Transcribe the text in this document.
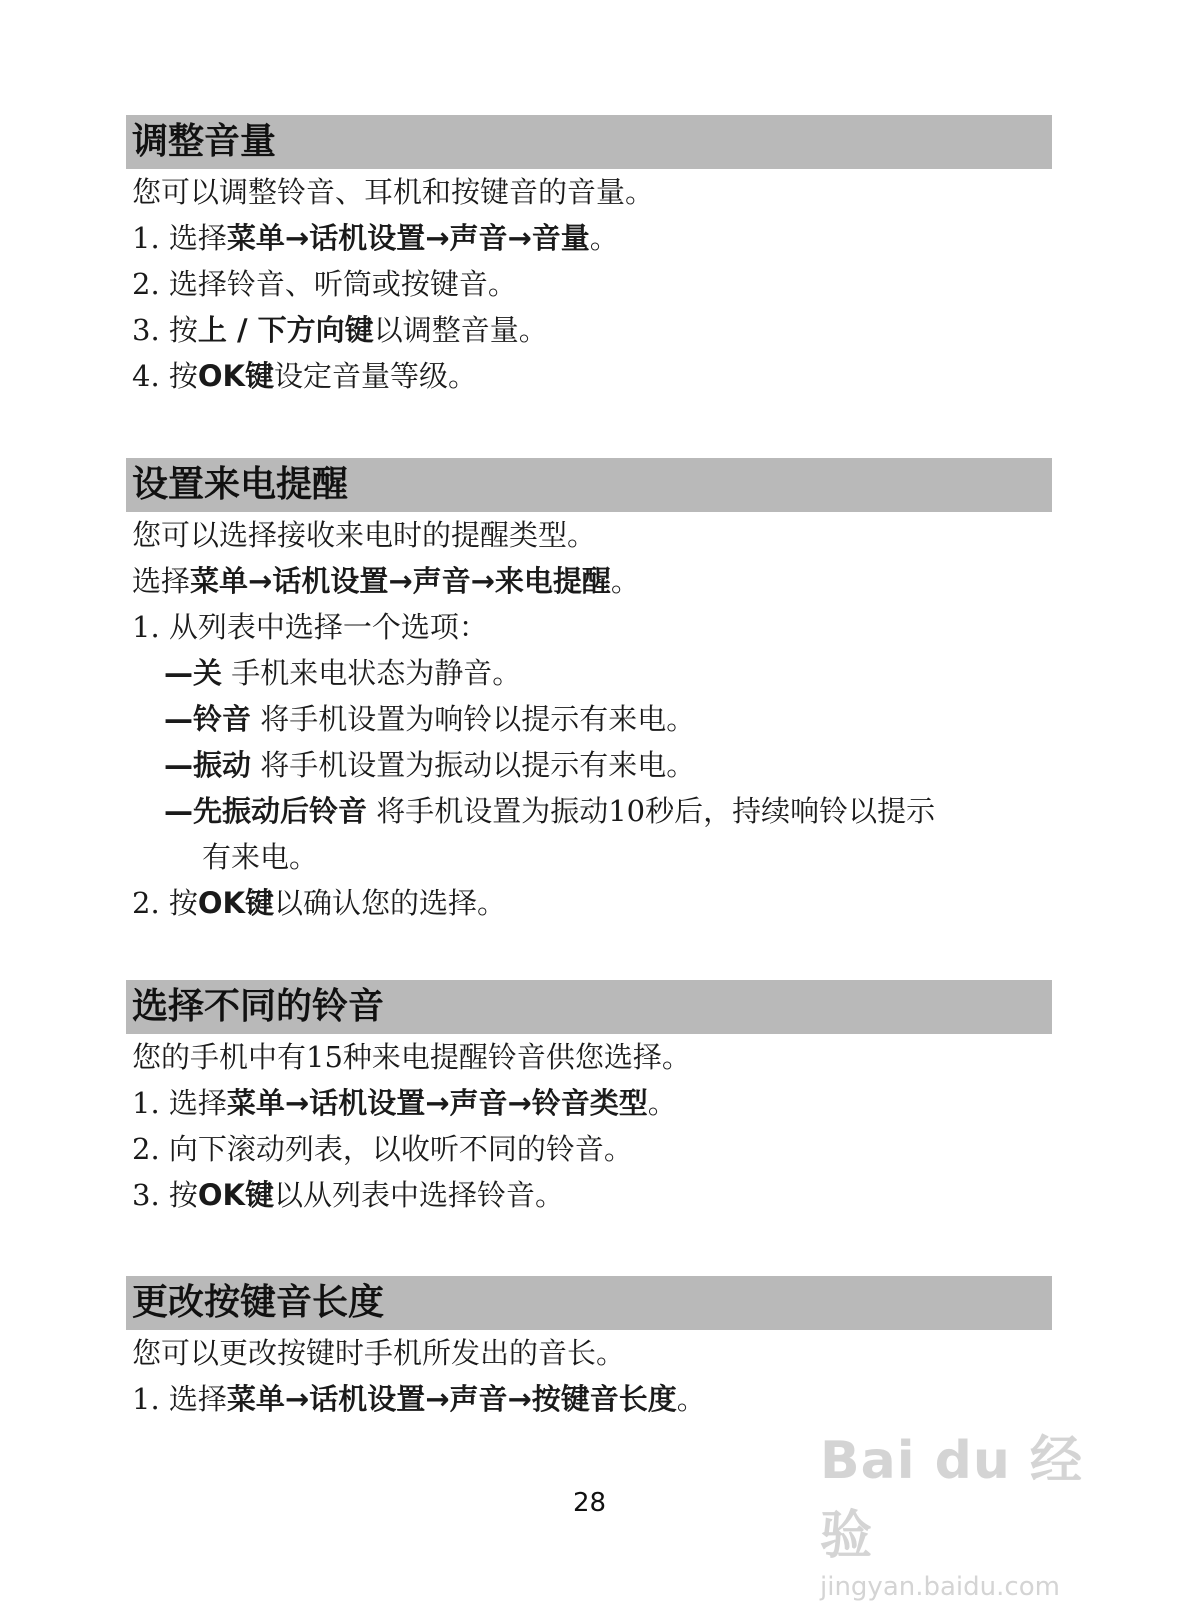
调整音量
您可以调整铃音、耳机和按键音的音量。
1. 选择菜单→话机设置→声音→音量。
2. 选择铃音、听筒或按键音。
3. 按上 / 下方向键以调整音量。
4. 按OK键设定音量等级。
设置来电提醒
您可以选择接收来电时的提醒类型。
选择菜单→话机设置→声音→来电提醒。
1. 从列表中选择一个选项：
—关 手机来电状态为静音。
—铃音 将手机设置为响铃以提示有来电。
—振动 将手机设置为振动以提示有来电。
—先振动后铃音 将手机设置为振动10秒后，持续响铃以提示
有来电。
2. 按OK键以确认您的选择。
选择不同的铃音
您的手机中有15种来电提醒铃音供您选择。
1. 选择菜单→话机设置→声音→铃音类型。
2. 向下滚动列表，以收听不同的铃音。
3. 按OK键以从列表中选择铃音。
更改按键音长度
您可以更改按键时手机所发出的音长。
1. 选择菜单→话机设置→声音→按键音长度。
28
Bai du 经验
jingyan.baidu.com
